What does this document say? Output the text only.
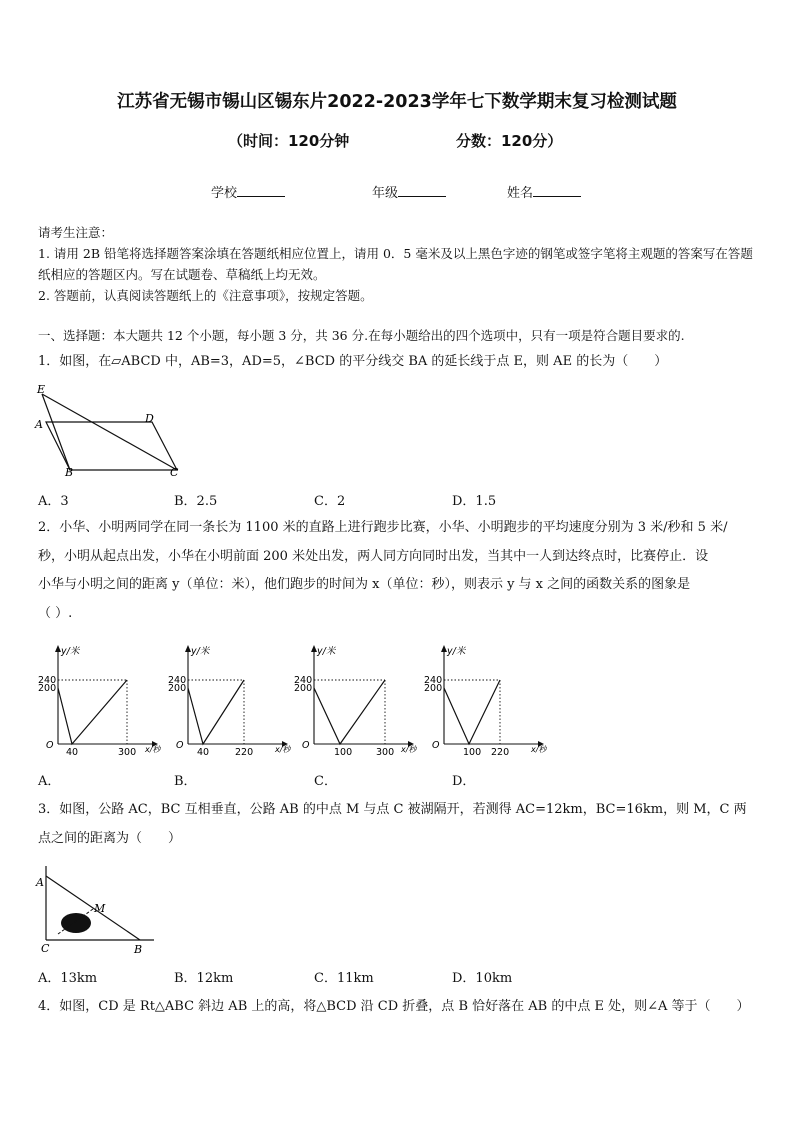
江苏省无锡市锡山区锡东片2022-2023学年七下数学期末复习检测试题
（时间：120分钟	分数：120分）
学校	年级	姓名
请考生注意：
1. 请用 2B 铅笔将选择题答案涂填在答题纸相应位置上，请用 0．5 毫米及以上黑色字迹的钢笔或签字笔将主观题的答案写在答题纸相应的答题区内。写在试题卷、草稿纸上均无效。
2. 答题前，认真阅读答题纸上的《注意事项》，按规定答题。
一、选择题：本大题共 12 个小题，每小题 3 分，共 36 分.在每小题给出的四个选项中，只有一项是符合题目要求的.
1．如图，在▱ABCD 中，AB=3，AD=5，∠BCD 的平分线交 BA 的延长线于点 E，则 AE 的长为（　　）
E
A	D
B	C
A．3	B．2.5	C．2	D．1.5
2．小华、小明两同学在同一条长为 1100 米的直路上进行跑步比赛，小华、小明跑步的平均速度分别为 3 米/秒和 5 米/
秒，小明从起点出发，小华在小明前面 200 米处出发，两人同方向同时出发，当其中一人到达终点时，比赛停止．设
小华与小明之间的距离 y（单位：米），他们跑步的时间为 x（单位：秒），则表示 y 与 x 之间的函数关系的图象是
（ ）.
y/米
240
200
O
40	300 x/秒
y/米
240
200
O
40	220	x/秒
y/米
240
200
O
100	300 x/秒
y/米
240
200
O
100 220	x/秒
A．	B．	C．	D．
3．如图，公路 AC，BC 互相垂直，公路 AB 的中点 M 与点 C 被湖隔开，若测得 AC=12km，BC=16km，则 M，C 两
点之间的距离为（　　）
A
M
C	B
A．13km	B．12km	C．11km	D．10km
4．如图，CD 是 Rt△ABC 斜边 AB 上的高，将△BCD 沿 CD 折叠，点 B 恰好落在 AB 的中点 E 处，则∠A 等于（　　）
